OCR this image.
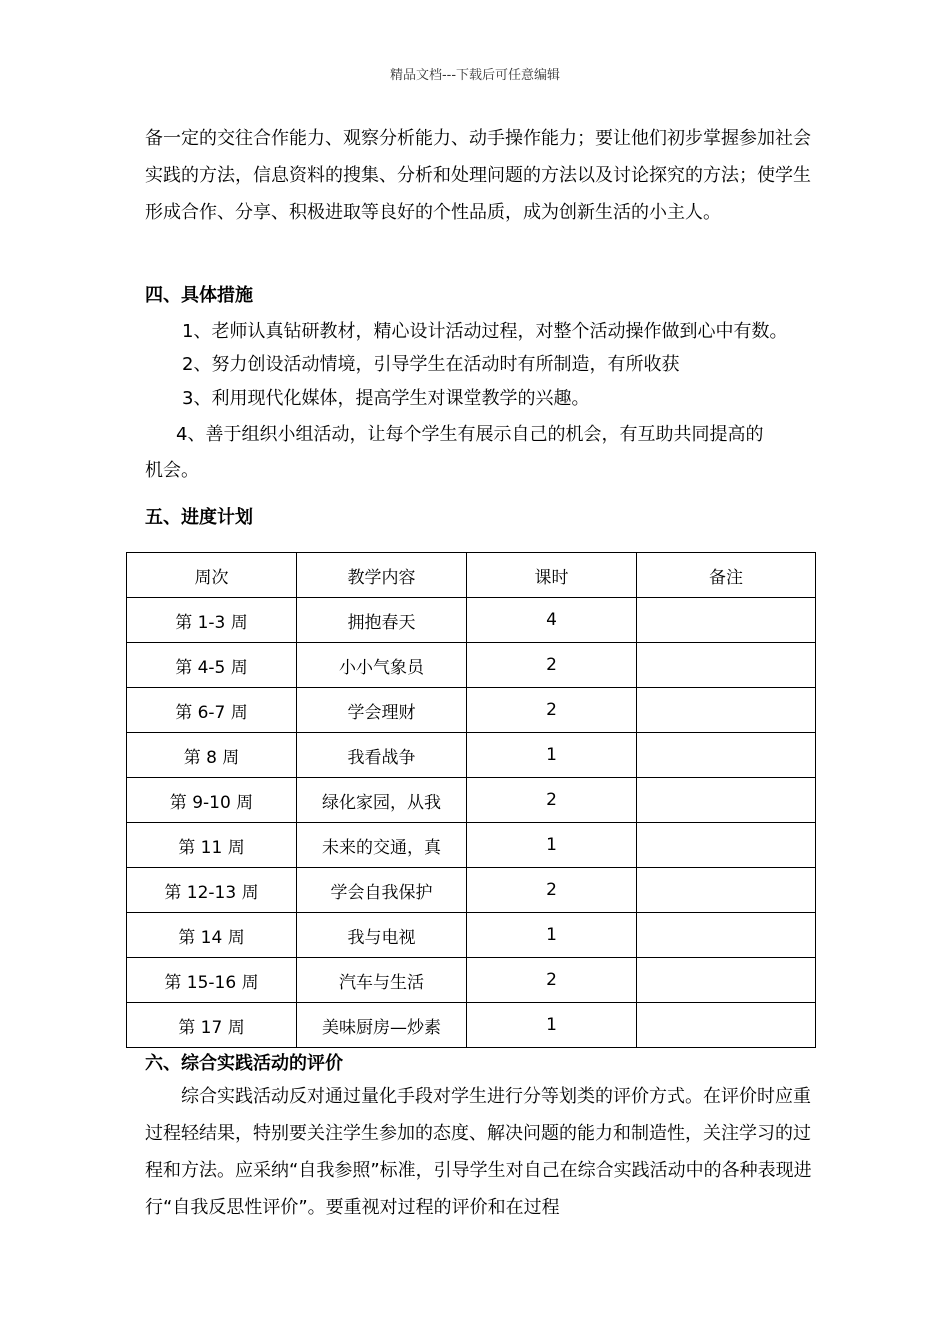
精品文档---下载后可任意编辑

备一定的交往合作能力、观察分析能力、动手操作能力；要让他们初步掌握参加社会实践的方法，信息资料的搜集、分析和处理问题的方法以及讨论探究的方法；使学生形成合作、分享、积极进取等良好的个性品质，成为创新生活的小主人。

四、具体措施

1、老师认真钻研教材，精心设计活动过程，对整个活动操作做到心中有数。

2、努力创设活动情境，引导学生在活动时有所制造，有所收获

3、利用现代化媒体，提高学生对课堂教学的兴趣。

4、善于组织小组活动，让每个学生有展示自己的机会，有互助共同提高的

机会。

五、进度计划
周次	教学内容	课时	备注
第 1-3 周	拥抱春天	4	
第 4-5 周	小小气象员	2	
第 6-7 周	学会理财	2	
第 8 周	我看战争	1	
第 9-10 周	绿化家园，从我	2	
第 11 周	未来的交通，真	1	
第 12-13 周	学会自我保护	2	
第 14 周	我与电视	1	
第 15-16 周	汽车与生活	2	
第 17 周	美味厨房—炒素	1	
六、综合实践活动的评价

综合实践活动反对通过量化手段对学生进行分等划类的评价方式。在评价时应重过程轻结果，特别要关注学生参加的态度、解决问题的能力和制造性，关注学习的过程和方法。应采纳“自我参照”标准，引导学生对自己在综合实践活动中的各种表现进行“自我反思性评价”。要重视对过程的评价和在过程
